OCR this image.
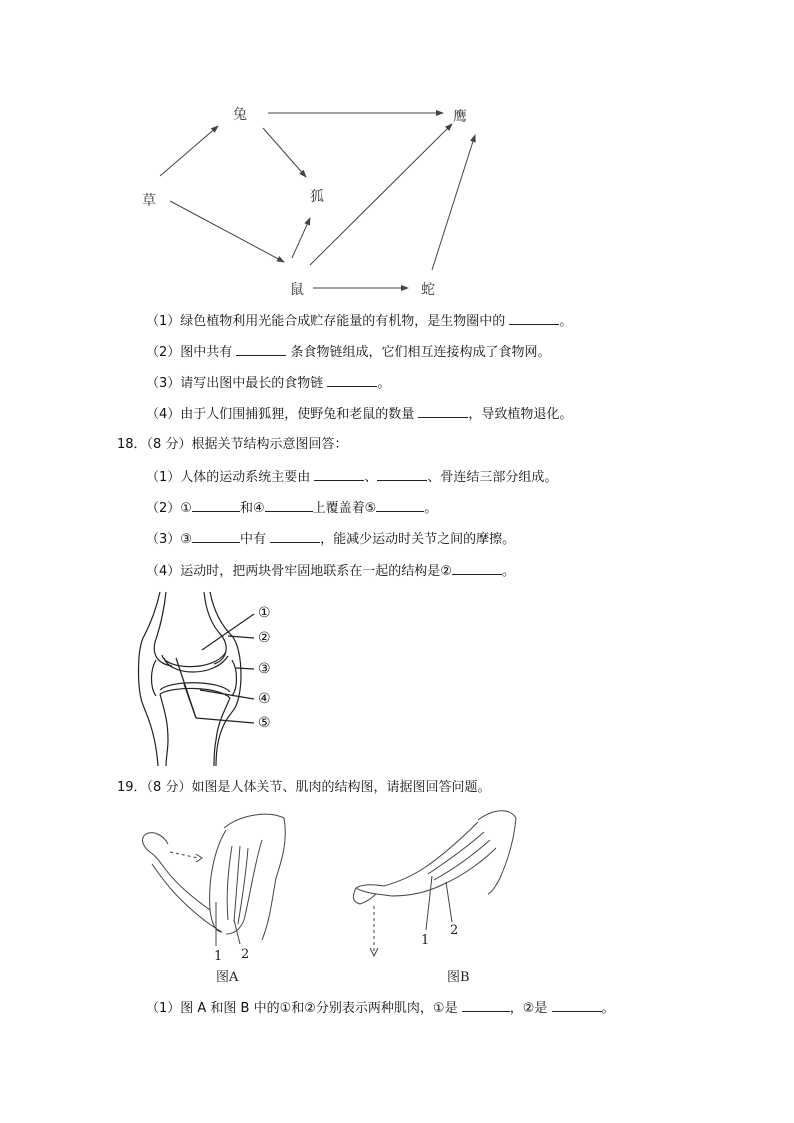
兔	鹰
草	狐
鼠	蛇
（1）绿色植物利用光能合成贮存能量的有机物，是生物圈中的	。
（2）图中共有	条食物链组成，它们相互连接构成了食物网。
（3）请写出图中最长的食物链	。
（4）由于人们围捕狐狸，使野兔和老鼠的数量	，导致植物退化。
18．（8 分）根据关节结构示意图回答：
（1）人体的运动系统主要由	、	、骨连结三部分组成。
（2）①	和④	上覆盖着⑤	。
（3）③	中有	，能减少运动时关节之间的摩擦。
（4）运动时，把两块骨牢固地联系在一起的结构是②	。
①
②
③
④
⑤
19．（8 分）如图是人体关节、肌肉的结构图，请据图回答问题。
1 2
图A
1
2
图B
（1）图 A 和图 B 中的①和②分别表示两种肌肉，①是	，②是	。
